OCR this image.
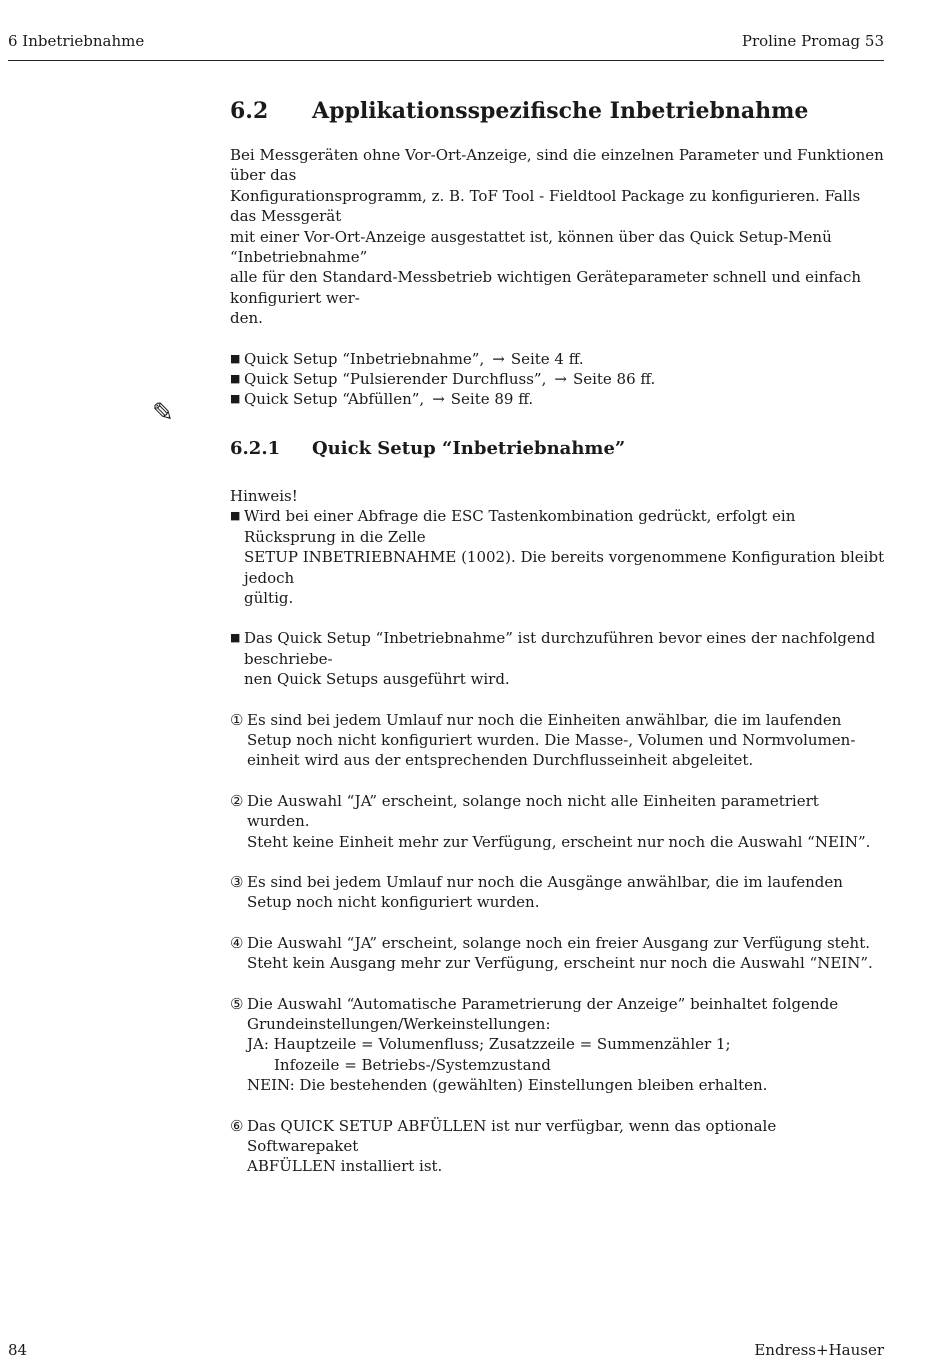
6 Inbetriebnahme	Proline Promag 53
✎
6.2	Applikationsspezifische Inbetriebnahme
Bei Messgeräten ohne Vor-Ort-Anzeige, sind die einzelnen Parameter und Funktionen über das
Konfigurationsprogramm, z. B. ToF Tool - Fieldtool Package zu konfigurieren. Falls das Messgerät
mit einer Vor-Ort-Anzeige ausgestattet ist, können über das Quick Setup-Menü “Inbetriebnahme”
alle für den Standard-Messbetrieb wichtigen Geräteparameter schnell und einfach konfiguriert wer-
den.
■ Quick Setup “Inbetriebnahme”, → Seite 4 ff.
■ Quick Setup “Pulsierender Durchfluss”, → Seite 86 ff.
■ Quick Setup “Abfüllen”, → Seite 89 ff.
6.2.1	Quick Setup “Inbetriebnahme”
Hinweis!
■ Wird bei einer Abfrage die ESC Tastenkombination gedrückt, erfolgt ein Rücksprung in die Zelle
SETUP INBETRIEBNAHME (1002). Die bereits vorgenommene Konfiguration bleibt jedoch
gültig.
■ Das Quick Setup “Inbetriebnahme” ist durchzuführen bevor eines der nachfolgend beschriebe-
nen Quick Setups ausgeführt wird.
① Es sind bei jedem Umlauf nur noch die Einheiten anwählbar, die im laufenden
Setup noch nicht konfiguriert wurden. Die Masse-, Volumen und Normvolumen-
einheit wird aus der entsprechenden Durchflusseinheit abgeleitet.
② Die Auswahl “JA” erscheint, solange noch nicht alle Einheiten parametriert wurden.
Steht keine Einheit mehr zur Verfügung, erscheint nur noch die Auswahl “NEIN”.
③ Es sind bei jedem Umlauf nur noch die Ausgänge anwählbar, die im laufenden
Setup noch nicht konfiguriert wurden.
④ Die Auswahl “JA” erscheint, solange noch ein freier Ausgang zur Verfügung steht.
Steht kein Ausgang mehr zur Verfügung, erscheint nur noch die Auswahl “NEIN”.
⑤ Die Auswahl “Automatische Parametrierung der Anzeige” beinhaltet folgende
Grundeinstellungen/Werkeinstellungen:
JA: Hauptzeile = Volumenfluss; Zusatzzeile = Summenzähler 1;
Infozeile = Betriebs-/Systemzustand
NEIN: Die bestehenden (gewählten) Einstellungen bleiben erhalten.
⑥ Das QUICK SETUP ABFÜLLEN ist nur verfügbar, wenn das optionale Softwarepaket
ABFÜLLEN installiert ist.
84	Endress+Hauser
